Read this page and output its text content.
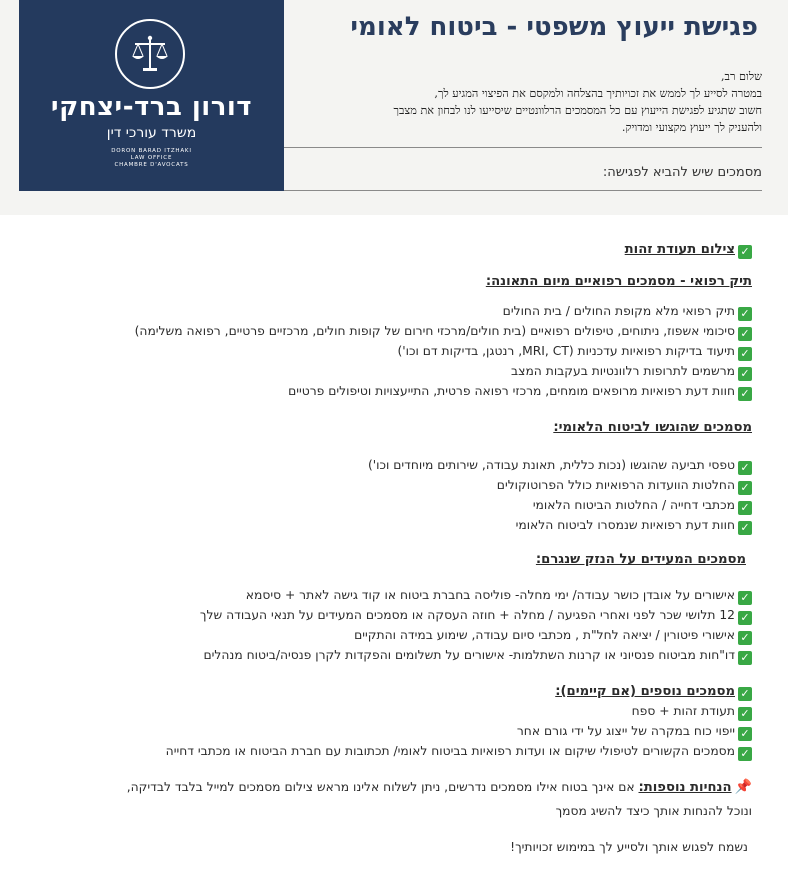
דורון ברד-יצחקי
משרד עורכי דין
DORON BARAD ITZHAKI
LAW OFFICE
CHAMBRE D'AVOCATS
פגישת ייעוץ משפטי - ביטוח לאומי
שלום רב,
במטרה לסייע לך לממש את זכויותיך בהצלחה ולמקסם את הפיצוי המגיע לך,
חשוב שתגיע לפגישת הייעוץ עם כל המסמכים הרלוונטיים שיסייעו לנו לבחון את מצבך
ולהעניק לך ייעוץ מקצועי ומדויק.
מסמכים שיש להביא לפגישה:
✓צילום תעודת זהות
תיק רפואי - מסמכים רפואיים מיום התאונה:
✓תיק רפואי מלא מקופת החולים / בית החולים
✓סיכומי אשפוז, ניתוחים, טיפולים רפואיים (בית חולים/מרכזי חירום של קופות חולים, מרכזיים פרטיים, רפואה משלימה)
✓תיעוד בדיקות רפואיות עדכניות (MRI, CT, רנטגן, בדיקות דם וכו')
✓מרשמים לתרופות רלוונטיות בעקבות המצב
✓חוות דעת רפואיות מרופאים מומחים, מרכזי רפואה פרטית, התייעצויות וטיפולים פרטיים
מסמכים שהוגשו לביטוח הלאומי:
✓טפסי תביעה שהוגשו (נכות כללית, תאונת עבודה, שירותים מיוחדים וכו')
✓החלטות הוועדות הרפואיות כולל הפרוטוקולים
✓מכתבי דחייה / החלטות הביטוח הלאומי
✓חוות דעת רפואיות שנמסרו לביטוח הלאומי
מסמכים המעידים על הנזק שנגרם:
✓אישורים על אובדן כושר עבודה/ ימי מחלה- פוליסה בחברת ביטוח או קוד גישה לאתר + סיסמא
✓12 תלושי שכר לפני ואחרי הפגיעה / מחלה + חוזה העסקה או מסמכים המעידים על תנאי העבודה שלך
✓אישורי פיטורין / יציאה לחל"ת , מכתבי סיום עבודה, שימוע במידה והתקיים
✓דו"חות מביטוח פנסיוני או קרנות השתלמות- אישורים על תשלומים והפקדות לקרן פנסיה/ביטוח מנהלים
✓מסמכים נוספים (אם קיימים):
✓תעודת זהות + ספח
✓ייפוי כוח במקרה של ייצוג על ידי גורם אחר
✓מסמכים הקשורים לטיפולי שיקום או ועדות רפואיות בביטוח לאומי/ תכתובות עם חברת הביטוח או מכתבי דחייה
📌הנחיות נוספות: אם אינך בטוח אילו מסמכים נדרשים, ניתן לשלוח אלינו מראש צילום מסמכים למייל בלבד לבדיקה,
ונוכל להנחות אותך כיצד להשיג מסמך
נשמח לפגוש אותך ולסייע לך במימוש זכויותיך!
